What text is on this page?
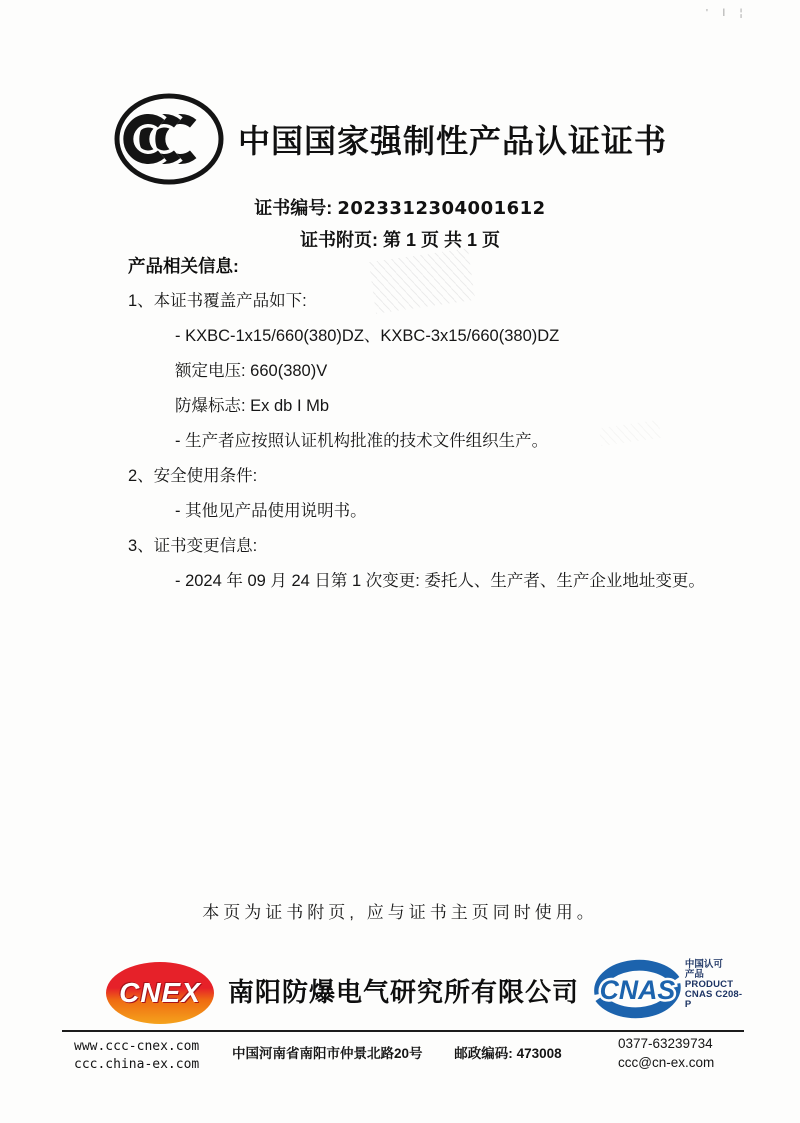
中国国家强制性产品认证证书
证书编号: 2023312304001612
证书附页: 第 1 页 共 1 页
产品相关信息:
1、本证书覆盖产品如下:
- KXBC-1x15/660(380)DZ、KXBC-3x15/660(380)DZ
额定电压: 660(380)V
防爆标志: Ex db I Mb
- 生产者应按照认证机构批准的技术文件组织生产。
2、安全使用条件:
- 其他见产品使用说明书。
3、证书变更信息:
- 2024 年 09 月 24 日第 1 次变更: 委托人、生产者、生产企业地址变更。
本页为证书附页, 应与证书主页同时使用。
CNEX 南阳防爆电气研究所有限公司 CNAS
中国认可
产品
PRODUCT
CNAS C208-P
www.ccc-cnex.com
ccc.china-ex.com
中国河南省南阳市仲景北路20号 邮政编码: 473008
0377-63239734
ccc@cn-ex.com
' l ¦
